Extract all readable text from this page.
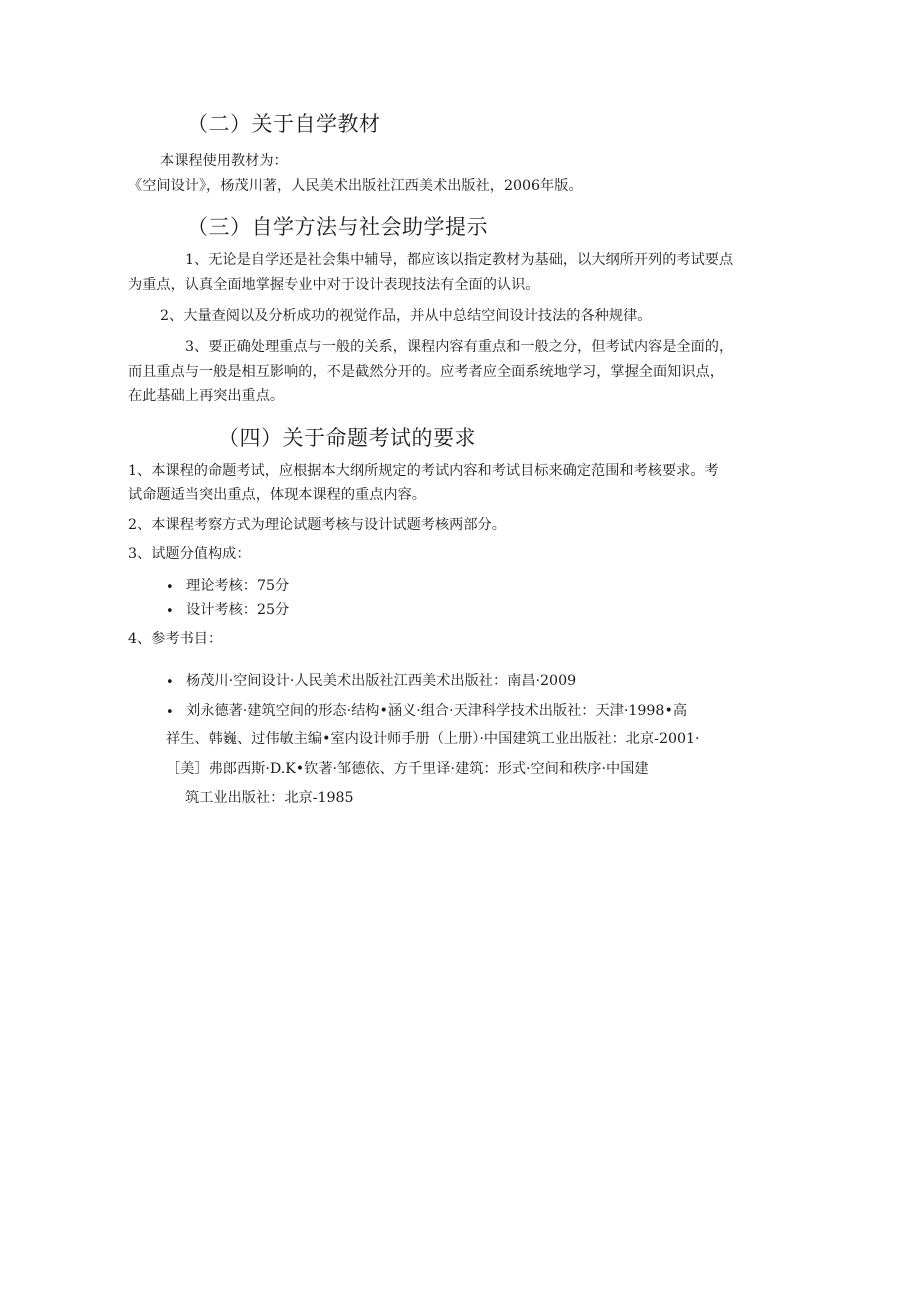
（二）关于自学教材
本课程使用教材为：
《空间设计》，杨茂川著，人民美术出版社江西美术出版社，2006年版。
（三）自学方法与社会助学提示
1、无论是自学还是社会集中辅导，都应该以指定教材为基础，以大纲所开列的考试要点
为重点，认真全面地掌握专业中对于设计表现技法有全面的认识。
2、大量查阅以及分析成功的视觉作品，并从中总结空间设计技法的各种规律。
3、要正确处理重点与一般的关系，课程内容有重点和一般之分，但考试内容是全面的，
而且重点与一般是相互影响的，不是截然分开的。应考者应全面系统地学习，掌握全面知识点，
在此基础上再突出重点。
（四）关于命题考试的要求
1、本课程的命题考试，应根据本大纲所规定的考试内容和考试目标来确定范围和考核要求。考
试命题适当突出重点，体现本课程的重点内容。
2、本课程考察方式为理论试题考核与设计试题考核两部分。
3、试题分值构成：
• 理论考核：75分
• 设计考核：25分
4、参考书目：
• 杨茂川·空间设计·人民美术出版社江西美术出版社：南昌·2009
• 刘永德著·建筑空间的形态·结构•涵义·组合·天津科学技术出版社：天津·1998•高
祥生、韩巍、过伟敏主编•室内设计师手册（上册）·中国建筑工业出版社：北京-2001·
［美］弗郎西斯·D.K•钦著·邹德依、方千里译·建筑：形式·空间和秩序·中国建
筑工业出版社：北京-1985
